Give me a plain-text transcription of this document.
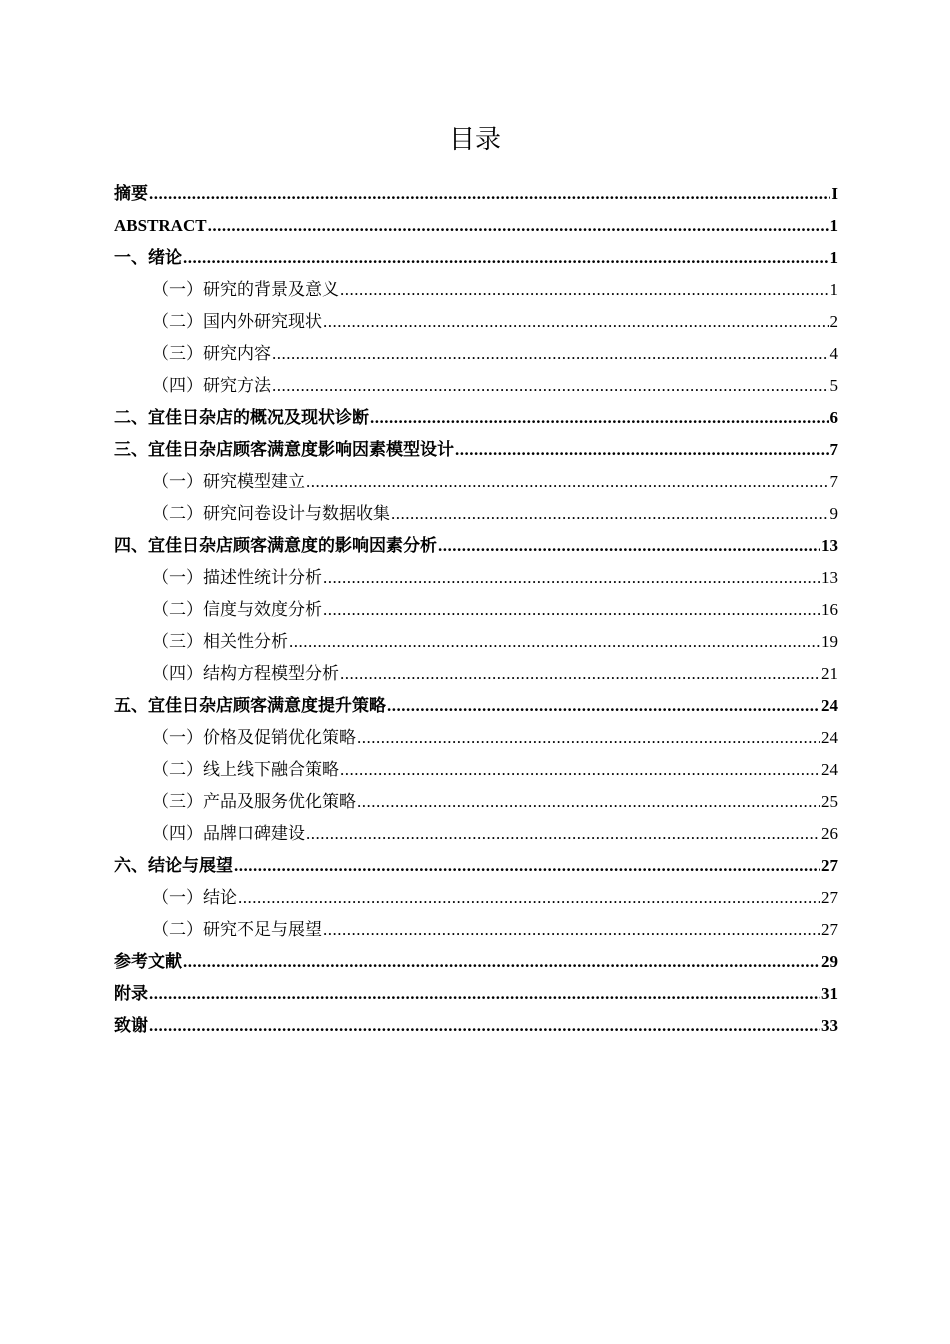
目录
摘要 .....	I
ABSTRACT .....	1
一、绪论 .....	1
（一）研究的背景及意义 .....	1
（二）国内外研究现状 .....	2
（三）研究内容 .....	4
（四）研究方法 .....	5
二、宜佳日杂店的概况及现状诊断 .....	6
三、宜佳日杂店顾客满意度影响因素模型设计 .....	7
（一）研究模型建立 .....	7
（二）研究问卷设计与数据收集 .....	9
四、宜佳日杂店顾客满意度的影响因素分析 .....	13
（一）描述性统计分析 .....	13
（二）信度与效度分析 .....	16
（三）相关性分析 .....	19
（四）结构方程模型分析 .....	21
五、宜佳日杂店顾客满意度提升策略 .....	24
（一）价格及促销优化策略 .....	24
（二）线上线下融合策略 .....	24
（三）产品及服务优化策略 .....	25
（四）品牌口碑建设 .....	26
六、结论与展望 .....	27
（一）结论 .....	27
（二）研究不足与展望 .....	27
参考文献 .....	29
附录 .....	31
致谢 .....	33
